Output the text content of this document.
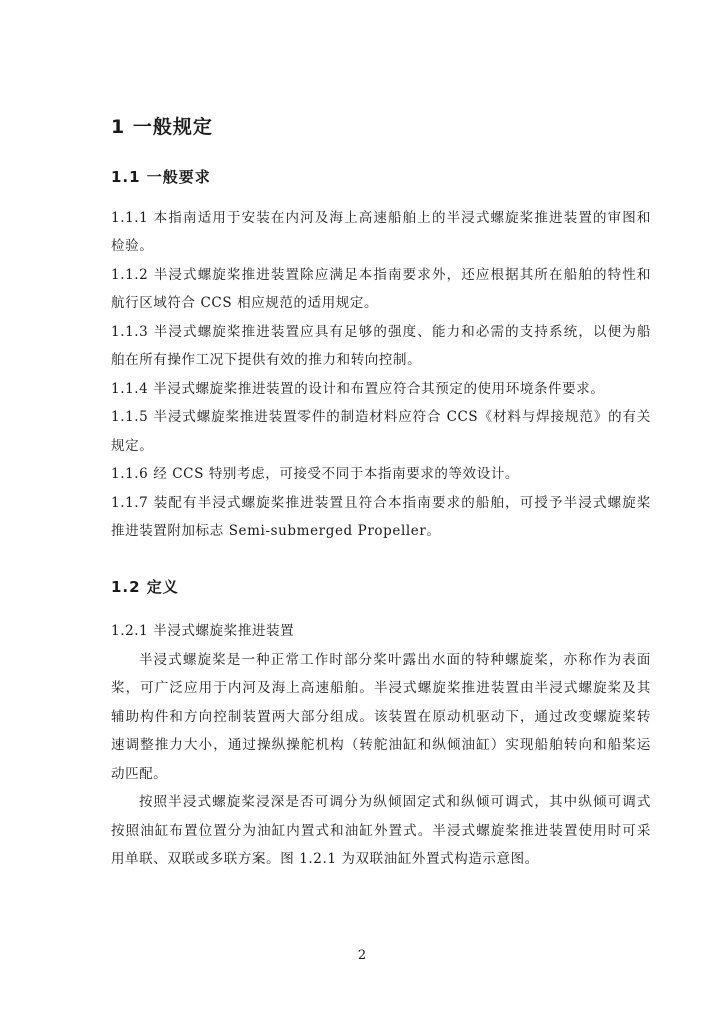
1 一般规定
1.1 一般要求
1.1.1 本指南适用于安装在内河及海上高速船舶上的半浸式螺旋桨推进装置的审图和
检验。
1.1.2 半浸式螺旋桨推进装置除应满足本指南要求外，还应根据其所在船舶的特性和
航行区域符合 CCS 相应规范的适用规定。
1.1.3 半浸式螺旋桨推进装置应具有足够的强度、能力和必需的支持系统，以便为船
舶在所有操作工况下提供有效的推力和转向控制。
1.1.4 半浸式螺旋桨推进装置的设计和布置应符合其预定的使用环境条件要求。
1.1.5 半浸式螺旋桨推进装置零件的制造材料应符合 CCS《材料与焊接规范》的有关
规定。
1.1.6 经 CCS 特别考虑，可接受不同于本指南要求的等效设计。
1.1.7 装配有半浸式螺旋桨推进装置且符合本指南要求的船舶，可授予半浸式螺旋桨
推进装置附加标志 Semi-submerged Propeller。
1.2 定义
1.2.1 半浸式螺旋桨推进装置
半浸式螺旋桨是一种正常工作时部分桨叶露出水面的特种螺旋桨，亦称作为表面
桨，可广泛应用于内河及海上高速船舶。半浸式螺旋桨推进装置由半浸式螺旋桨及其
辅助构件和方向控制装置两大部分组成。该装置在原动机驱动下，通过改变螺旋桨转
速调整推力大小，通过操纵操舵机构（转舵油缸和纵倾油缸）实现船舶转向和船桨运
动匹配。
按照半浸式螺旋桨浸深是否可调分为纵倾固定式和纵倾可调式，其中纵倾可调式
按照油缸布置位置分为油缸内置式和油缸外置式。半浸式螺旋桨推进装置使用时可采
用单联、双联或多联方案。图 1.2.1 为双联油缸外置式构造示意图。
2
